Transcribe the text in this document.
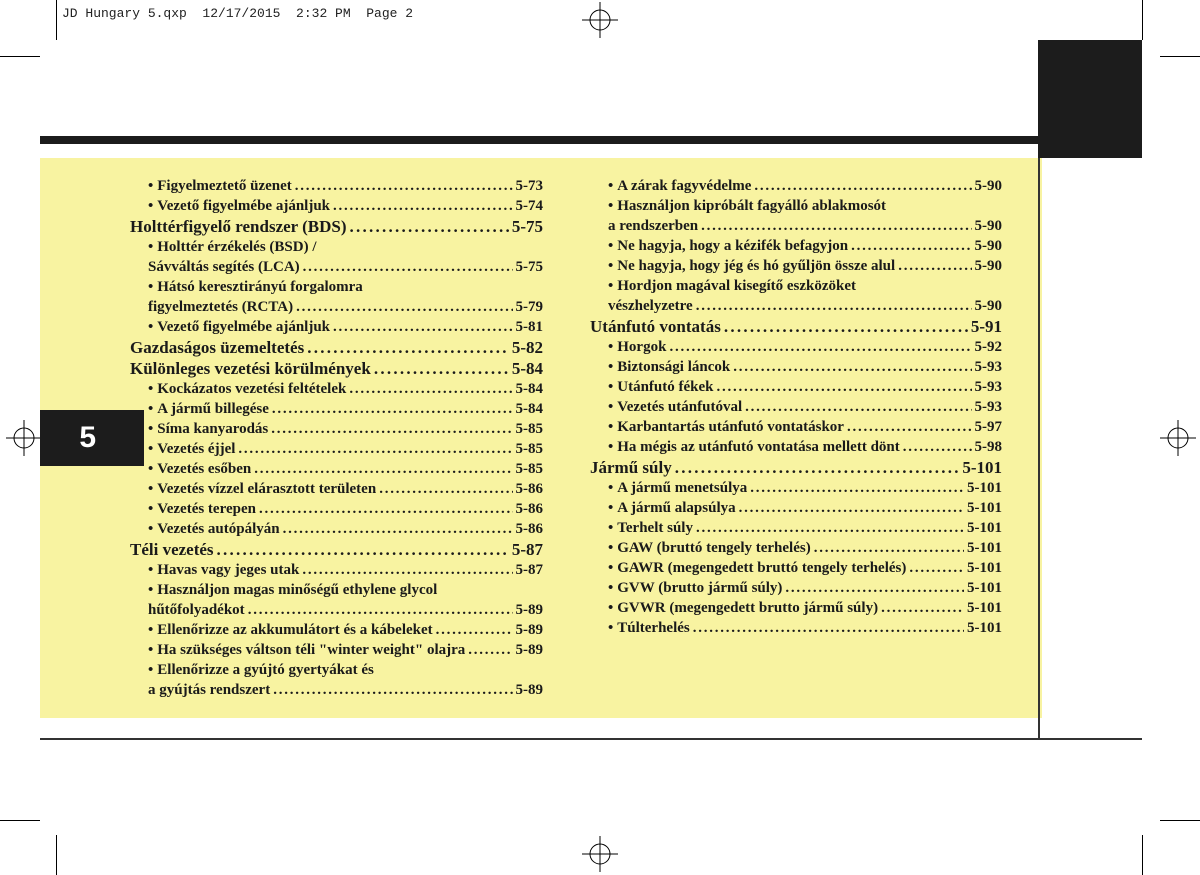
JD Hungary 5.qxp  12/17/2015  2:32 PM  Page 2
5
• Figyelmeztető üzenet . . .	5-73
• Vezető figyelmébe ajánljuk . . .	5-74
Holttérfigyelő rendszer (BDS) . . .	5-75
• Holttér érzékelés (BSD) /
Sávváltás segítés (LCA) . . .	5-75
• Hátsó keresztirányú forgalomra
figyelmeztetés (RCTA) . . .	5-79
• Vezető figyelmébe ajánljuk . . .	5-81
Gazdaságos üzemeltetés . . .	5-82
Különleges vezetési körülmények . . .	5-84
• Kockázatos vezetési feltételek . . .	5-84
• A jármű billegése . . .	5-84
• Síma kanyarodás . . .	5-85
• Vezetés éjjel . . .	5-85
• Vezetés esőben . . .	5-85
• Vezetés vízzel elárasztott területen . . .	5-86
• Vezetés terepen . . .	5-86
• Vezetés autópályán . . .	5-86
Téli vezetés . . .	5-87
• Havas vagy jeges utak . . .	5-87
• Használjon magas minőségű ethylene glycol
hűtőfolyadékot . . .	5-89
• Ellenőrizze az akkumulátort és a kábeleket . . .	5-89
• Ha szükséges váltson téli "winter weight" olajra . . .	5-89
• Ellenőrizze a gyújtó gyertyákat és
a gyújtás rendszert . . .	5-89
• A zárak fagyvédelme . . .	5-90
• Használjon kipróbált fagyálló ablakmosót
a rendszerben . . .	5-90
• Ne hagyja, hogy a kézifék befagyjon . . .	5-90
• Ne hagyja, hogy jég és hó gyűljön össze alul . . .	5-90
• Hordjon magával kisegítő eszközöket
vészhelyzetre . . .	5-90
Utánfutó vontatás . . .	5-91
• Horgok . . .	5-92
• Biztonsági láncok . . .	5-93
• Utánfutó fékek . . .	5-93
• Vezetés utánfutóval . . .	5-93
• Karbantartás utánfutó vontatáskor . . .	5-97
• Ha mégis az utánfutó vontatása mellett dönt . . .	5-98
Jármű súly . . .	5-101
• A jármű menetsúlya . . .	5-101
• A jármű alapsúlya . . .	5-101
• Terhelt súly . . .	5-101
• GAW (bruttó tengely terhelés) . . .	5-101
• GAWR (megengedett bruttó tengely terhelés) . . .	5-101
• GVW (brutto jármű súly) . . .	5-101
• GVWR (megengedett brutto jármű súly) . . .	5-101
• Túlterhelés . . .	5-101
